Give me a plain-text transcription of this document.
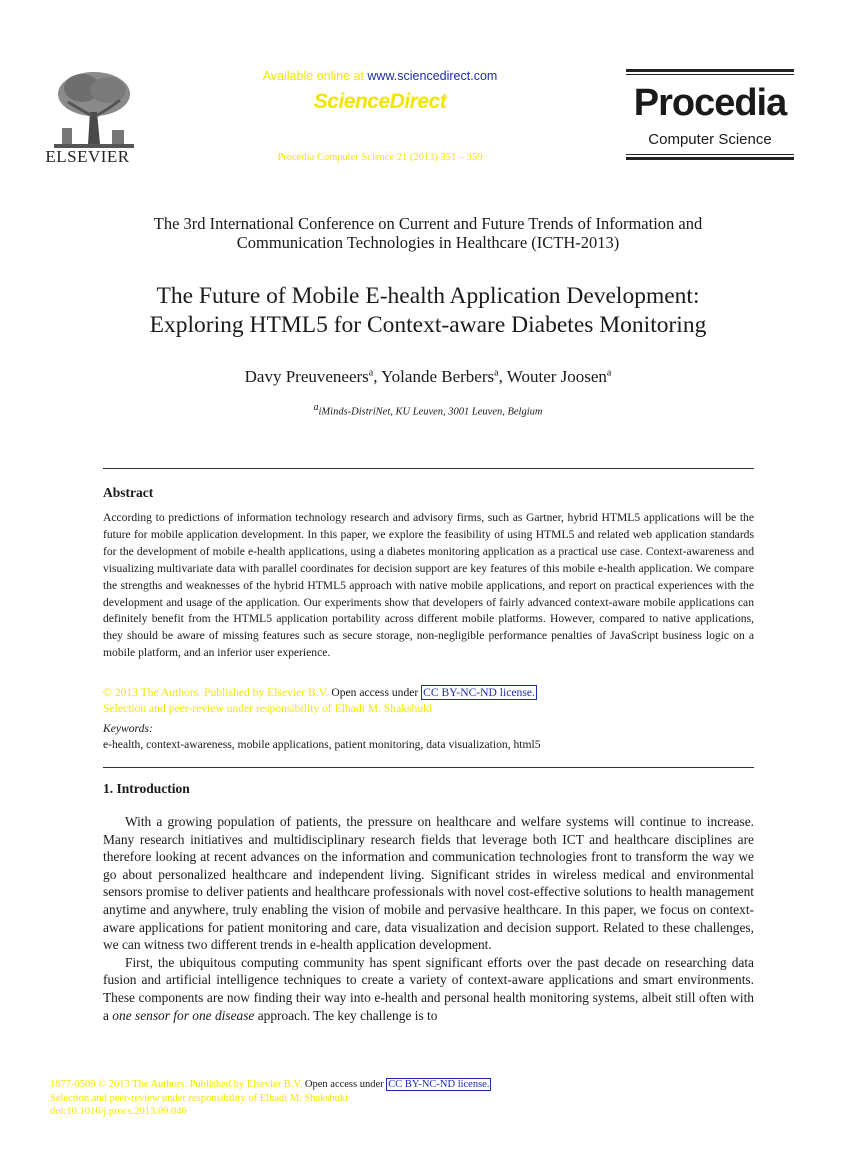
ELSEVIER
Available online at www.sciencedirect.com
ScienceDirect
Procedia Computer Science 21 (2013) 351 – 359
Procedia
Computer Science
The 3rd International Conference on Current and Future Trends of Information and
Communication Technologies in Healthcare (ICTH-2013)
The Future of Mobile E-health Application Development:
Exploring HTML5 for Context-aware Diabetes Monitoring
Davy Preuveneers$^a$, Yolande Berbers$^a$, Wouter Joosen$^a$
$^a$iMinds-DistriNet, KU Leuven, 3001 Leuven, Belgium
Abstract
According to predictions of information technology research and advisory firms, such as Gartner, hybrid HTML5 applications will be the future for mobile application development. In this paper, we explore the feasibility of using HTML5 and related web application standards for the development of mobile e-health applications, using a diabetes monitoring application as a practical use case. Context-awareness and visualizing multivariate data with parallel coordinates for decision support are key features of this mobile e-health application. We compare the strengths and weaknesses of the hybrid HTML5 approach with native mobile applications, and report on practical experiences with the development and usage of the application. Our experiments show that developers of fairly advanced context-aware mobile applications can definitely benefit from the HTML5 application portability across different mobile platforms. However, compared to native applications, they should be aware of missing features such as secure storage, non-negligible performance penalties of JavaScript business logic on a mobile platform, and an inferior user experience.
© 2013 The Authors. Published by Elsevier B.V. Open access under CC BY-NC-ND license.
Selection and peer-review under responsibility of Elhadi M. Shakshuki
Keywords:
e-health, context-awareness, mobile applications, patient monitoring, data visualization, html5
1. Introduction

With a growing population of patients, the pressure on healthcare and welfare systems will continue to increase. Many research initiatives and multidisciplinary research fields that leverage both ICT and healthcare disciplines are therefore looking at recent advances on the information and communication technologies front to transform the way we go about personalized healthcare and independent living. Significant strides in wireless medical and environmental sensors promise to deliver patients and healthcare professionals with novel cost-effective solutions to health management anytime and anywhere, truly enabling the vision of mobile and pervasive healthcare. In this paper, we focus on context-aware applications for patient monitoring and care, data visualization and decision support. Related to these challenges, we can witness two different trends in e-health application development.

First, the ubiquitous computing community has spent significant efforts over the past decade on researching data fusion and artificial intelligence techniques to create a variety of context-aware applications and smart environments. These components are now finding their way into e-health and personal health monitoring systems, albeit still often with a one sensor for one disease approach. The key challenge is to

1877-0509 © 2013 The Authors. Published by Elsevier B.V. Open access under CC BY-NC-ND license.
Selection and peer-review under responsibility of Elhadi M. Shakshuki
doi:10.1016/j.procs.2013.09.046
